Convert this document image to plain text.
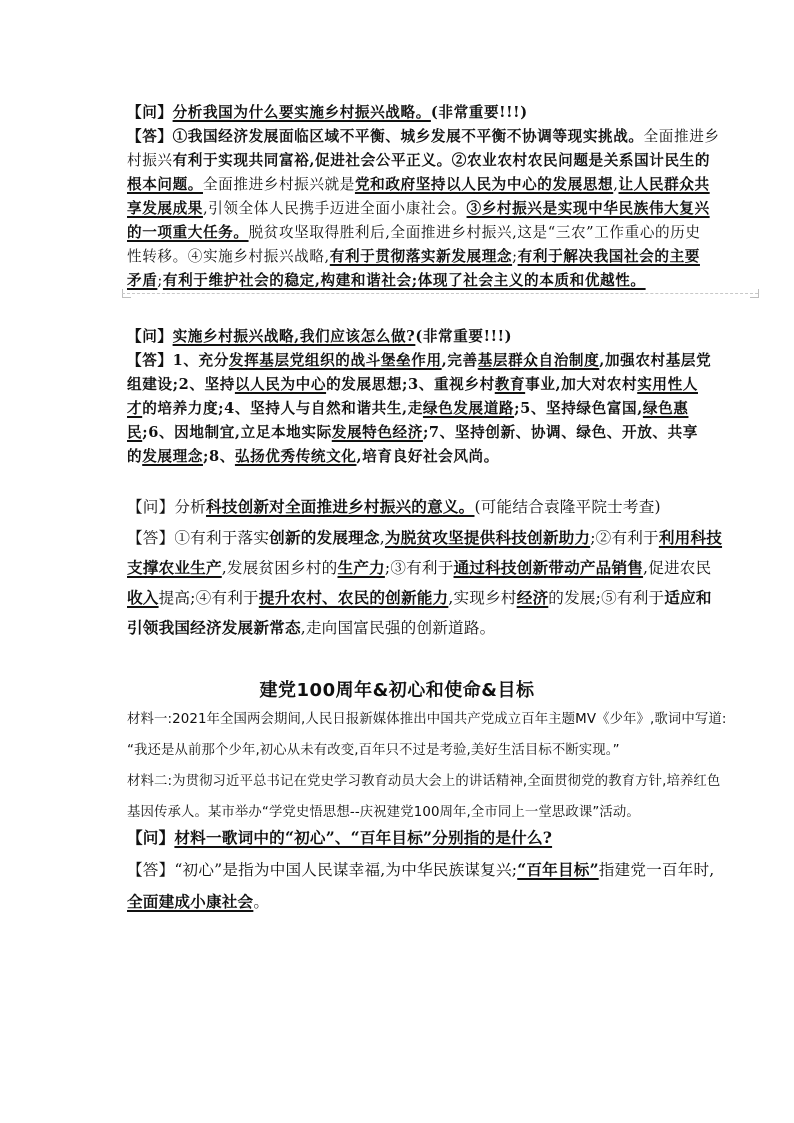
【问】分析我国为什么要实施乡村振兴战略。(非常重要!!!)
【答】①我国经济发展面临区域不平衡、城乡发展不平衡不协调等现实挑战。全面推进乡
村振兴有利于实现共同富裕,促进社会公平正义。②农业农村农民问题是关系国计民生的
根本问题。全面推进乡村振兴就是党和政府坚持以人民为中心的发展思想,让人民群众共
享发展成果,引领全体人民携手迈进全面小康社会。③乡村振兴是实现中华民族伟大复兴
的一项重大任务。脱贫攻坚取得胜利后,全面推进乡村振兴,这是“三农”工作重心的历史
性转移。④实施乡村振兴战略,有利于贯彻落实新发展理念;有利于解决我国社会的主要
矛盾;有利于维护社会的稳定,构建和谐社会;体现了社会主义的本质和优越性。
【问】实施乡村振兴战略,我们应该怎么做?(非常重要!!!)
【答】1、充分发挥基层党组织的战斗堡垒作用,完善基层群众自治制度,加强农村基层党
组建设;2、坚持以人民为中心的发展思想;3、重视乡村教育事业,加大对农村实用性人
才的培养力度;4、坚持人与自然和谐共生,走绿色发展道路;5、坚持绿色富国,绿色惠
民;6、因地制宜,立足本地实际发展特色经济;7、坚持创新、协调、绿色、开放、共享
的发展理念;8、弘扬优秀传统文化,培育良好社会风尚。
【问】分析科技创新对全面推进乡村振兴的意义。(可能结合袁隆平院士考查)
【答】①有利于落实创新的发展理念,为脱贫攻坚提供科技创新助力;②有利于利用科技
支撑农业生产,发展贫困乡村的生产力;③有利于通过科技创新带动产品销售,促进农民
收入提高;④有利于提升农村、农民的创新能力,实现乡村经济的发展;⑤有利于适应和
引领我国经济发展新常态,走向国富民强的创新道路。
建党100周年&初心和使命&目标
材料一:2021年全国两会期间,人民日报新媒体推出中国共产党成立百年主题MV《少年》,歌词中写道:
“我还是从前那个少年,初心从未有改变,百年只不过是考验,美好生活目标不断实现。”
材料二:为贯彻习近平总书记在党史学习教育动员大会上的讲话精神,全面贯彻党的教育方针,培养红色
基因传承人。某市举办“学党史悟思想--庆祝建党100周年,全市同上一堂思政课”活动。
【问】材料一歌词中的“初心”、“百年目标”分别指的是什么?
【答】“初心”是指为中国人民谋幸福,为中华民族谋复兴;“百年目标”指建党一百年时,
全面建成小康社会。
